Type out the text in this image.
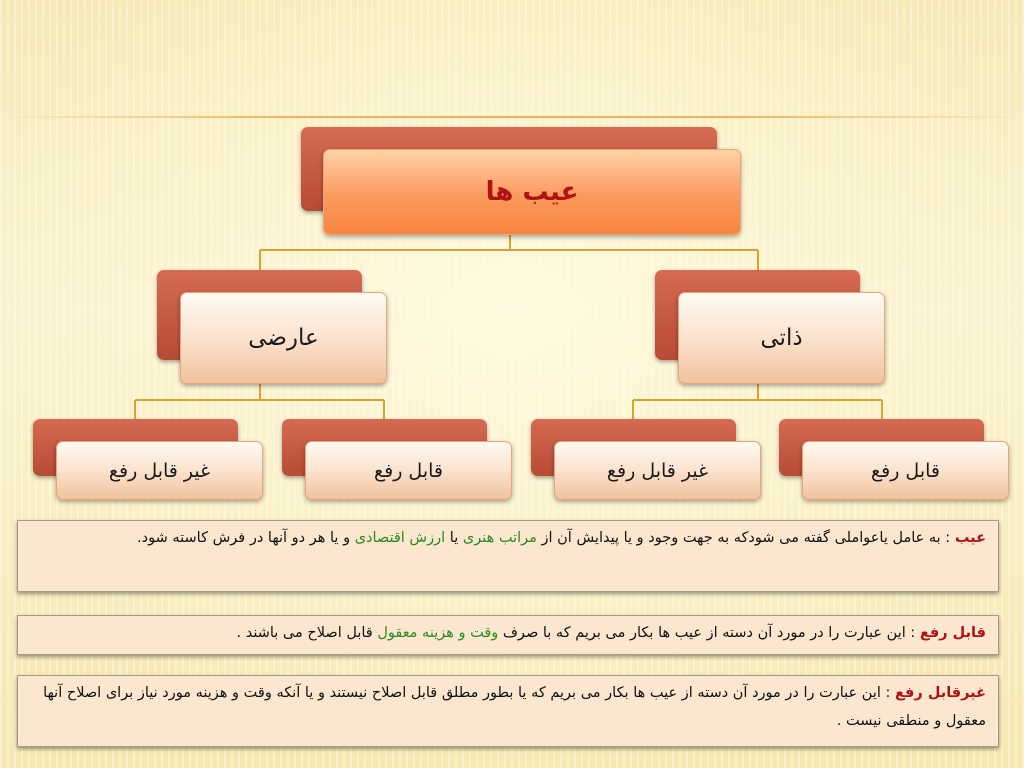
عیب ها
عارضی	ذاتی
غیر قابل رفع	قابل رفع	غیر قابل رفع	قابل رفع
عیب : به عامل یاعواملی گفته می شودکه به جهت وجود و یا پیدایش آن از مراتب هنری یا ارزش اقتصادی و یا هر دو آنها در فرش کاسته شود.
قابل رفع : این عبارت را در مورد آن دسته از عیب ها بکار می بریم که با صرف وقت و هزینه معقول قابل اصلاح می باشند .
غیرقابل رفع : این عبارت را در مورد آن دسته از عیب ها بکار می بریم که یا بطور مطلق قابل اصلاح نیستند و یا آنکه وقت و هزینه مورد نیاز برای اصلاح آنها معقول و منطقی نیست .
